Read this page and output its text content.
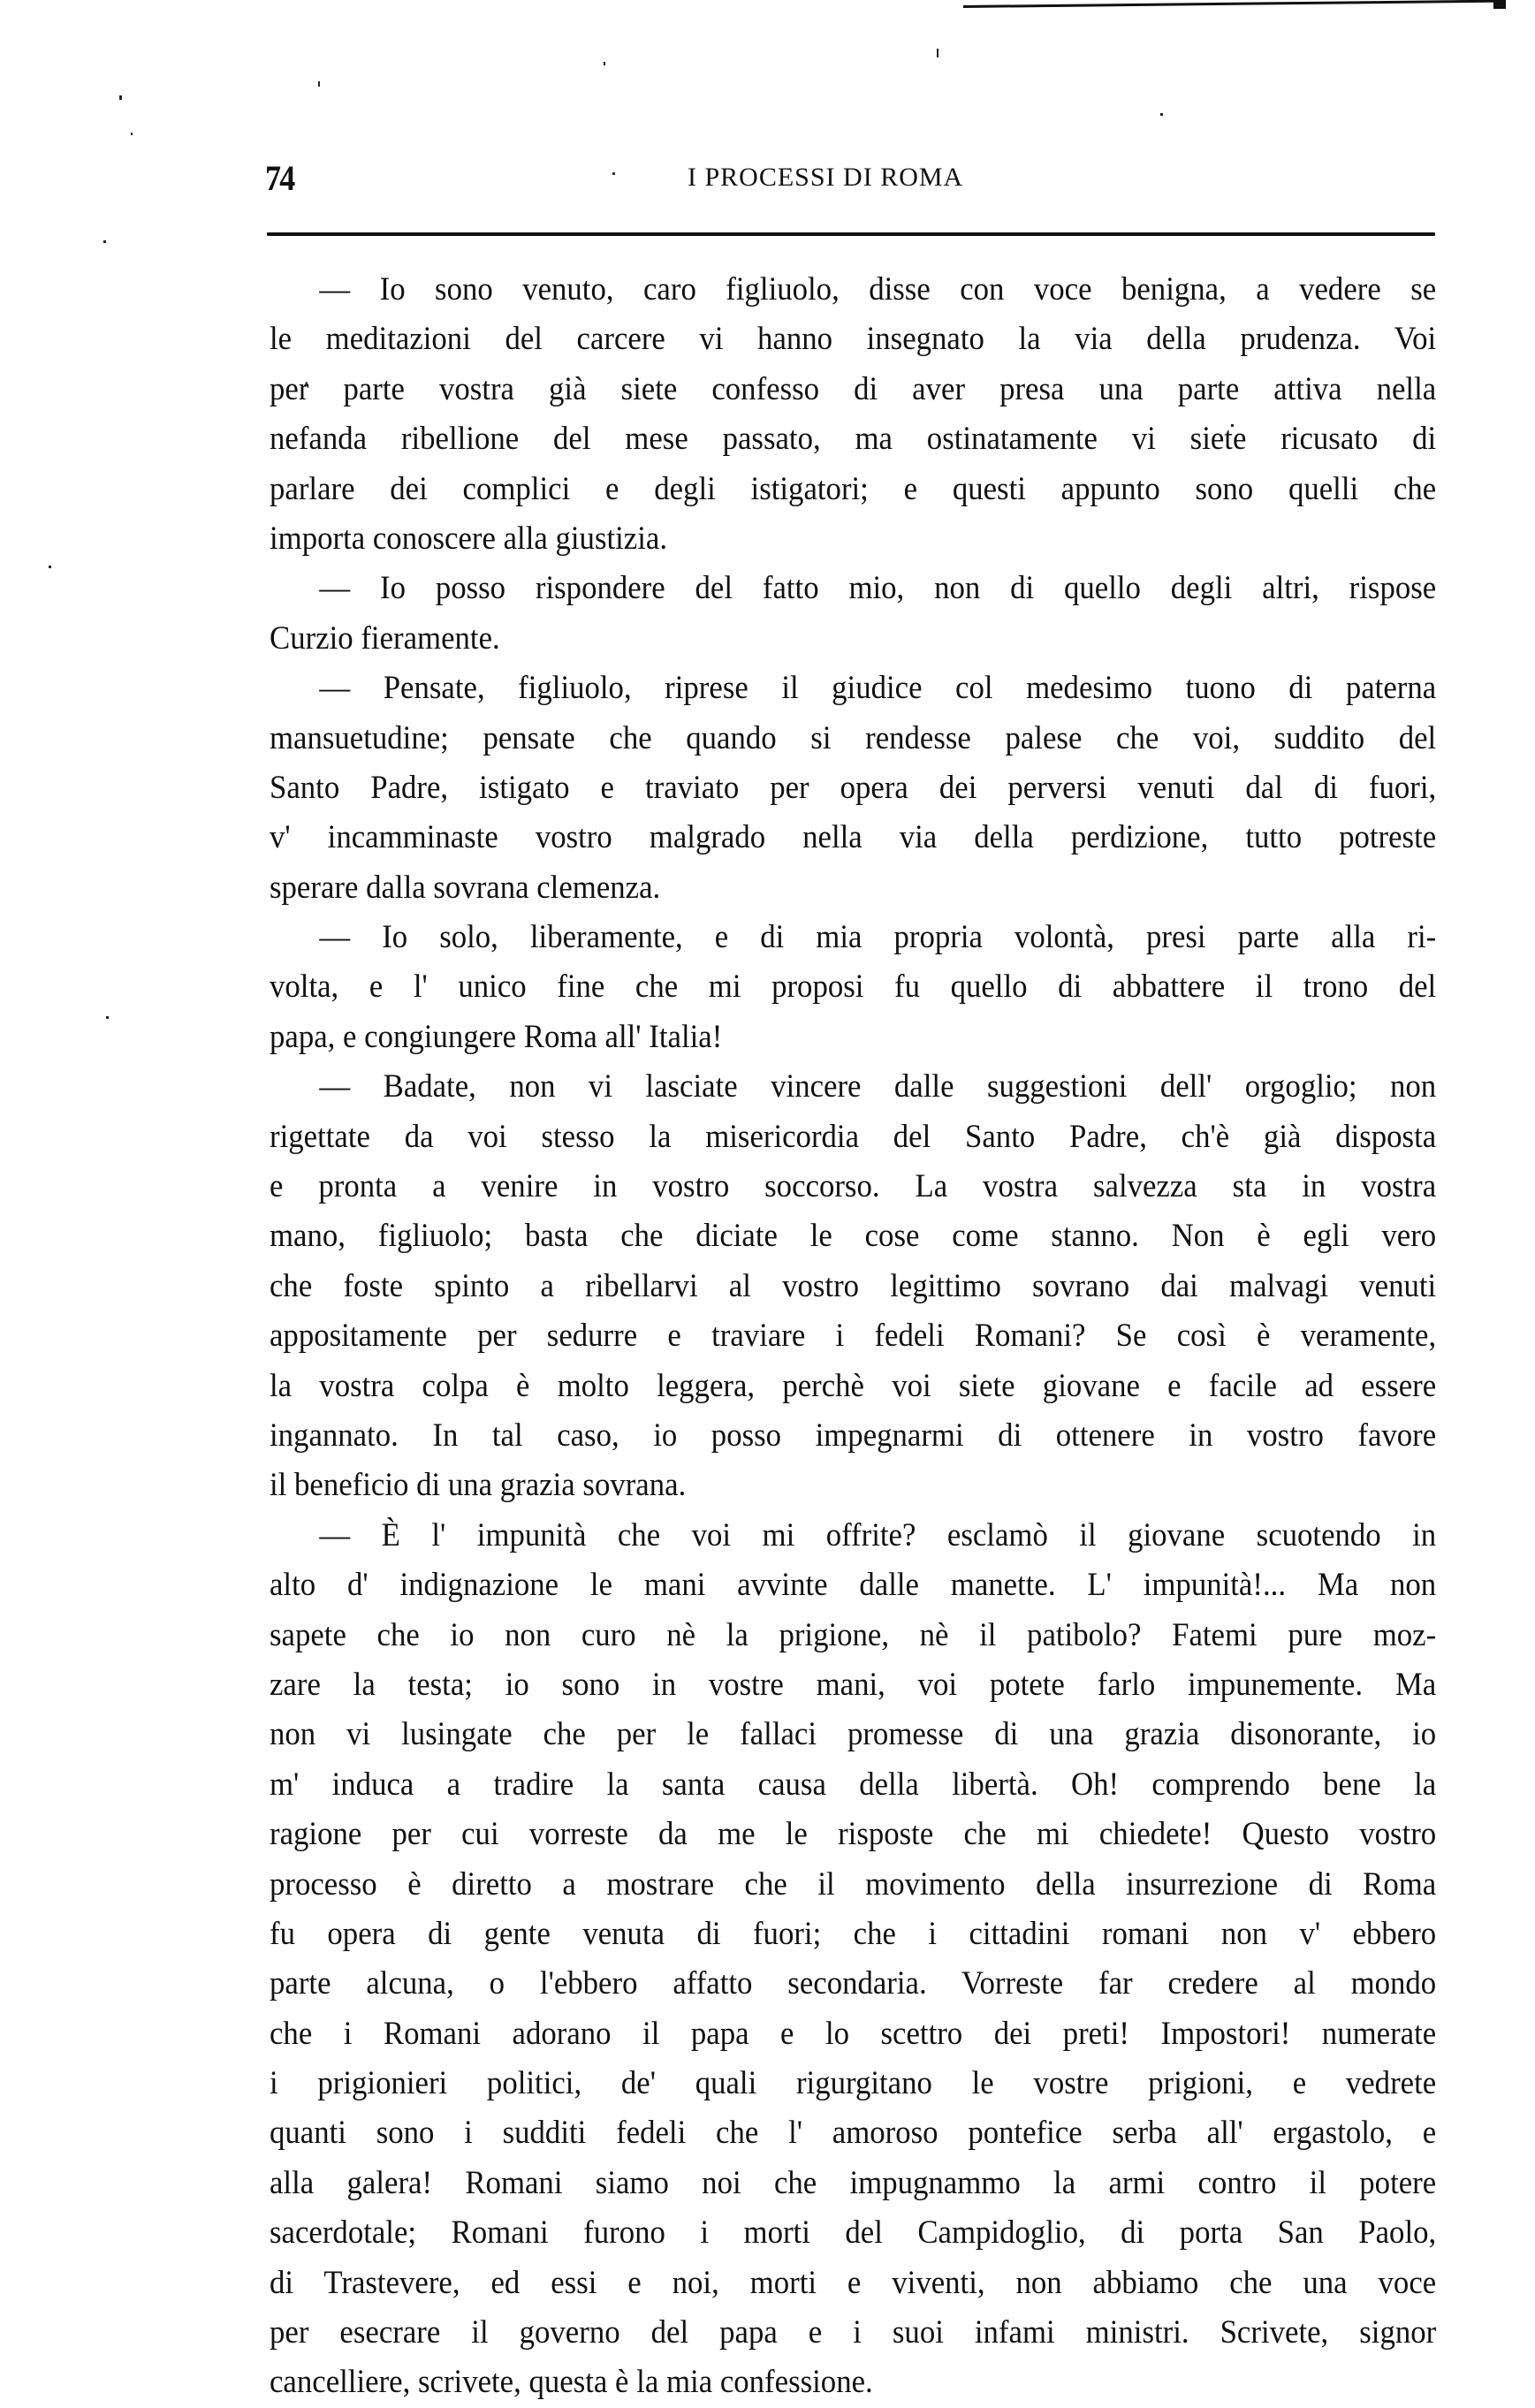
74	I PROCESSI DI ROMA
— Io sono venuto, caro figliuolo, disse con voce benigna, a vedere se
le meditazioni del carcere vi hanno insegnato la via della prudenza. Voi
per parte vostra già siete confesso di aver presa una parte attiva nella
nefanda ribellione del mese passato, ma ostinatamente vi siete ricusato di
parlare dei complici e degli istigatori; e questi appunto sono quelli che
importa conoscere alla giustizia.
— Io posso rispondere del fatto mio, non di quello degli altri, rispose
Curzio fieramente.
— Pensate, figliuolo, riprese il giudice col medesimo tuono di paterna
mansuetudine; pensate che quando si rendesse palese che voi, suddito del
Santo Padre, istigato e traviato per opera dei perversi venuti dal di fuori,
v' incamminaste vostro malgrado nella via della perdizione, tutto potreste
sperare dalla sovrana clemenza.
— Io solo, liberamente, e di mia propria volontà, presi parte alla ri-
volta, e l' unico fine che mi proposi fu quello di abbattere il trono del
papa, e congiungere Roma all' Italia!
— Badate, non vi lasciate vincere dalle suggestioni dell' orgoglio; non
rigettate da voi stesso la misericordia del Santo Padre, ch'è già disposta
e pronta a venire in vostro soccorso. La vostra salvezza sta in vostra
mano, figliuolo; basta che diciate le cose come stanno. Non è egli vero
che foste spinto a ribellarvi al vostro legittimo sovrano dai malvagi venuti
appositamente per sedurre e traviare i fedeli Romani? Se così è veramente,
la vostra colpa è molto leggera, perchè voi siete giovane e facile ad essere
ingannato. In tal caso, io posso impegnarmi di ottenere in vostro favore
il beneficio di una grazia sovrana.
— È l' impunità che voi mi offrite? esclamò il giovane scuotendo in
alto d' indignazione le mani avvinte dalle manette. L' impunità!... Ma non
sapete che io non curo nè la prigione, nè il patibolo? Fatemi pure moz-
zare la testa; io sono in vostre mani, voi potete farlo impunemente. Ma
non vi lusingate che per le fallaci promesse di una grazia disonorante, io
m' induca a tradire la santa causa della libertà. Oh! comprendo bene la
ragione per cui vorreste da me le risposte che mi chiedete! Questo vostro
processo è diretto a mostrare che il movimento della insurrezione di Roma
fu opera di gente venuta di fuori; che i cittadini romani non v' ebbero
parte alcuna, o l'ebbero affatto secondaria. Vorreste far credere al mondo
che i Romani adorano il papa e lo scettro dei preti! Impostori! numerate
i prigionieri politici, de' quali rigurgitano le vostre prigioni, e vedrete
quanti sono i sudditi fedeli che l' amoroso pontefice serba all' ergastolo, e
alla galera! Romani siamo noi che impugnammo la armi contro il potere
sacerdotale; Romani furono i morti del Campidoglio, di porta San Paolo,
di Trastevere, ed essi e noi, morti e viventi, non abbiamo che una voce
per esecrare il governo del papa e i suoi infami ministri. Scrivete, signor
cancelliere, scrivete, questa è la mia confessione.
